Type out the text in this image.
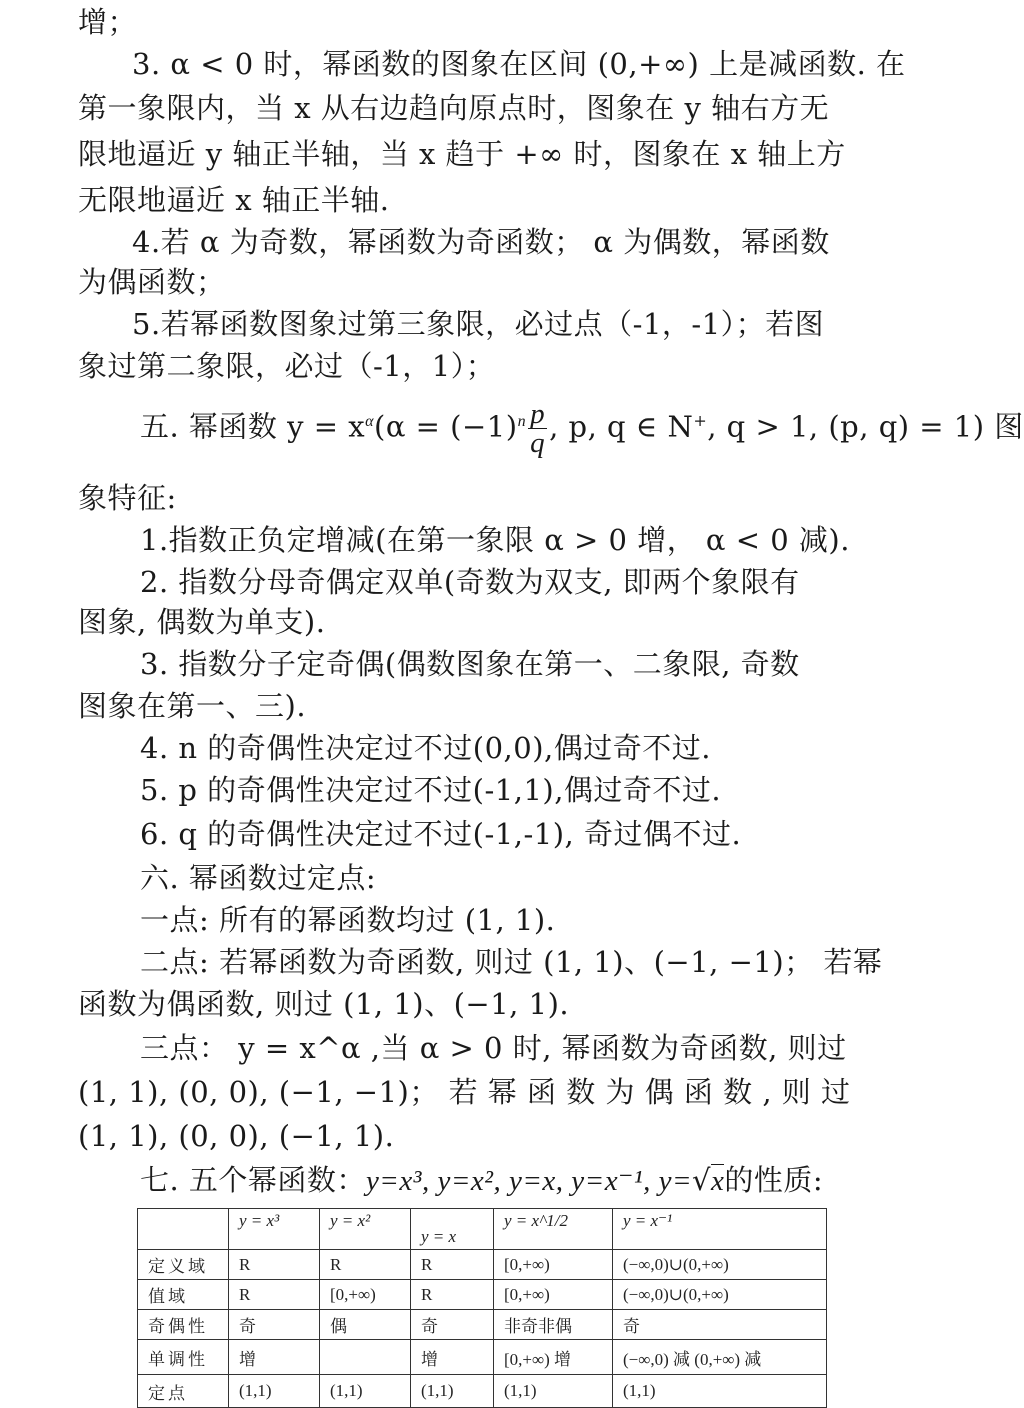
增；
3. α < 0 时，幂函数的图象在区间 (0,+∞) 上是减函数. 在
第一象限内，当 x 从右边趋向原点时，图象在 y 轴右方无
限地逼近 y 轴正半轴，当 x 趋于 +∞ 时，图象在 x 轴上方
无限地逼近 x 轴正半轴.
4.若 α 为奇数，幂函数为奇函数； α 为偶数，幂函数
为偶函数；
5.若幂函数图象过第三象限，必过点（-1，-1）；若图
象过第二象限，必过（-1，1）；
五. 幂函数 $y = x^\alpha(\alpha = (-1)^n \frac{p}{q}$ , p, q ∈ N+, q > 1, (p, q) = 1) 图
象特征:
1.指数正负定增减(在第一象限 α > 0 增， α < 0 减).
2. 指数分母奇偶定双单(奇数为双支, 即两个象限有
图象, 偶数为单支).
3. 指数分子定奇偶(偶数图象在第一、二象限, 奇数
图象在第一、三).
4. n 的奇偶性决定过不过(0,0),偶过奇不过.
5. p 的奇偶性决定过不过(-1,1),偶过奇不过.
6. q 的奇偶性决定过不过(-1,-1), 奇过偶不过.
六. 幂函数过定点:
一点: 所有的幂函数均过 (1, 1).
二点: 若幂函数为奇函数, 则过 (1, 1)、(−1, −1)； 若幂
函数为偶函数, 则过 (1, 1)、(−1, 1).
三点： y = x^α ,当 α > 0 时, 幂函数为奇函数, 则过
(1, 1), (0, 0), (−1, −1)； 若 幂 函 数 为 偶 函 数 , 则 过
(1, 1), (0, 0), (−1, 1).
七. 五个幂函数：y=x³, y=x², y=x, y=x⁻¹, y=√x的性质:
	y = x³	y = x²	y = x	y = x^1/2	y = x⁻¹
定义域	R	R	R	[0,+∞)	(−∞,0)∪(0,+∞)
值域	R	[0,+∞)	R	[0,+∞)	(−∞,0)∪(0,+∞)
奇偶性	奇	偶	奇	非奇非偶	奇
单调性	增		增	[0,+∞) 增	(−∞,0) 减 (0,+∞) 减
定点	(1,1)	(1,1)	(1,1)	(1,1)	(1,1)
